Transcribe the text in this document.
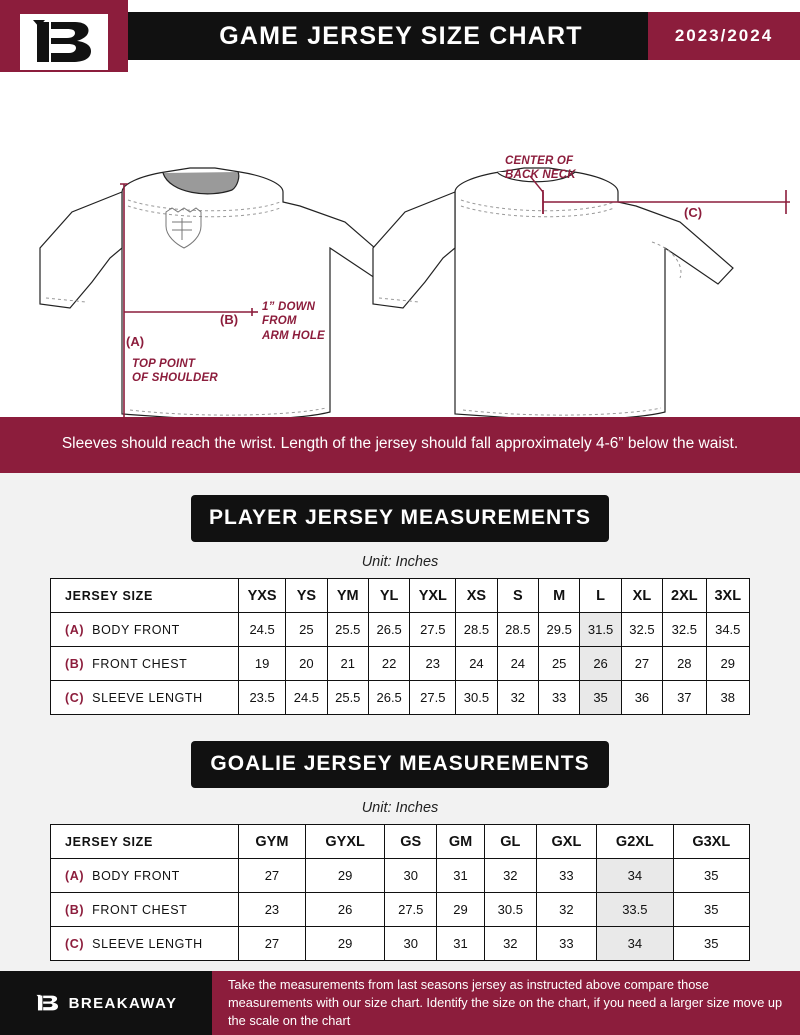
GAME JERSEY SIZE CHART	2023/2024
CENTER OF
BACK NECK
1” DOWN
FROM
ARM HOLE
TOP POINT
OF SHOULDER
(A)
(B)
(C)
Sleeves should reach the wrist. Length of the jersey should fall approximately 4-6” below the waist.
PLAYER JERSEY MEASUREMENTS
Unit: Inches
JERSEY SIZE	YXS	YS	YM	YL	YXL	XS	S	M	L	XL	2XL	3XL
(A) BODY FRONT	24.5	25	25.5	26.5	27.5	28.5	28.5	29.5	31.5	32.5	32.5	34.5
(B) FRONT CHEST	19	20	21	22	23	24	24	25	26	27	28	29
(C) SLEEVE LENGTH	23.5	24.5	25.5	26.5	27.5	30.5	32	33	35	36	37	38
GOALIE JERSEY MEASUREMENTS
Unit: Inches
JERSEY SIZE	GYM	GYXL	GS	GM	GL	GXL	G2XL	G3XL
(A) BODY FRONT	27	29	30	31	32	33	34	35
(B) FRONT CHEST	23	26	27.5	29	30.5	32	33.5	35
(C) SLEEVE LENGTH	27	29	30	31	32	33	34	35
BREAKAWAY
Take the measurements from last seasons jersey as instructed above compare those measurements with our size chart. Identify the size on the chart, if you need a larger size move up the scale on the chart
